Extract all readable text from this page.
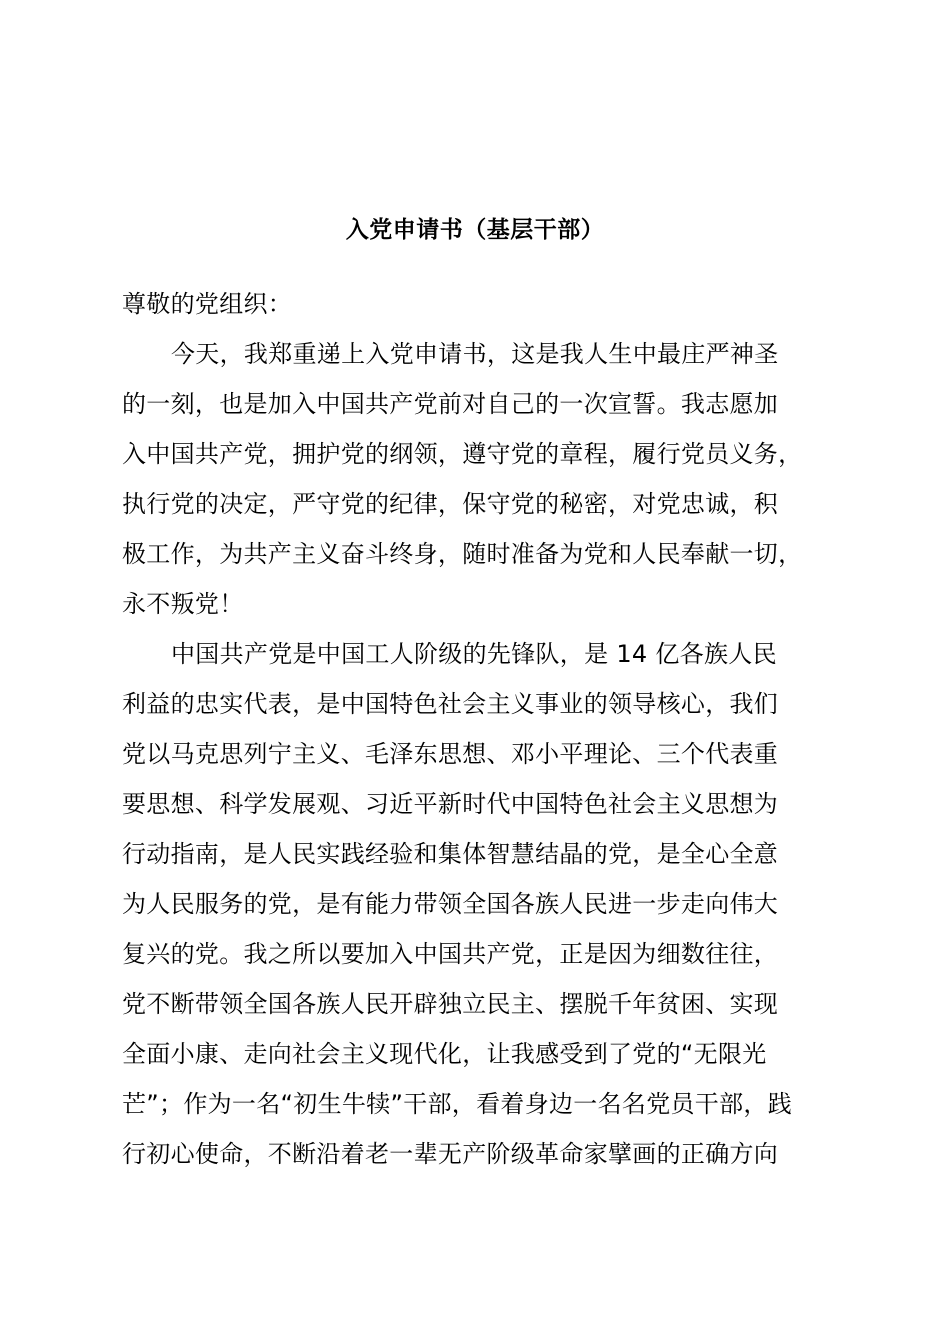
入党申请书（基层干部）
尊敬的党组织：
今天，我郑重递上入党申请书，这是我人生中最庄严神圣
的一刻，也是加入中国共产党前对自己的一次宣誓。我志愿加
入中国共产党，拥护党的纲领，遵守党的章程，履行党员义务，
执行党的决定，严守党的纪律，保守党的秘密，对党忠诚，积
极工作，为共产主义奋斗终身，随时准备为党和人民奉献一切，
永不叛党！
中国共产党是中国工人阶级的先锋队，是 14 亿各族人民
利益的忠实代表，是中国特色社会主义事业的领导核心，我们
党以马克思列宁主义、毛泽东思想、邓小平理论、三个代表重
要思想、科学发展观、习近平新时代中国特色社会主义思想为
行动指南，是人民实践经验和集体智慧结晶的党，是全心全意
为人民服务的党，是有能力带领全国各族人民进一步走向伟大
复兴的党。我之所以要加入中国共产党，正是因为细数往往，
党不断带领全国各族人民开辟独立民主、摆脱千年贫困、实现
全面小康、走向社会主义现代化，让我感受到了党的“无限光
芒”；作为一名“初生牛犊”干部，看着身边一名名党员干部，践
行初心使命，不断沿着老一辈无产阶级革命家擘画的正确方向
